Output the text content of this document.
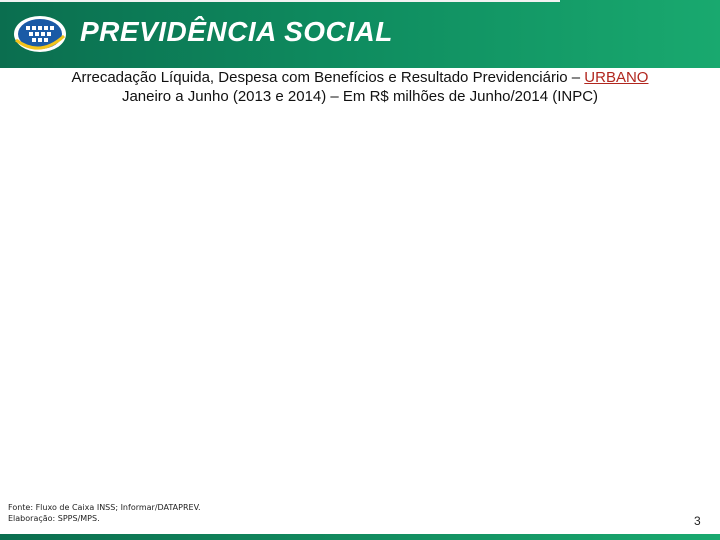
PREVIDÊNCIA SOCIAL
Arrecadação Líquida, Despesa com Benefícios e Resultado Previdenciário – URBANO
Janeiro a Junho (2013 e 2014) – Em R$ milhões de Junho/2014 (INPC)
Fonte: Fluxo de Caixa INSS; Informar/DATAPREV.
Elaboração: SPPS/MPS.	3
